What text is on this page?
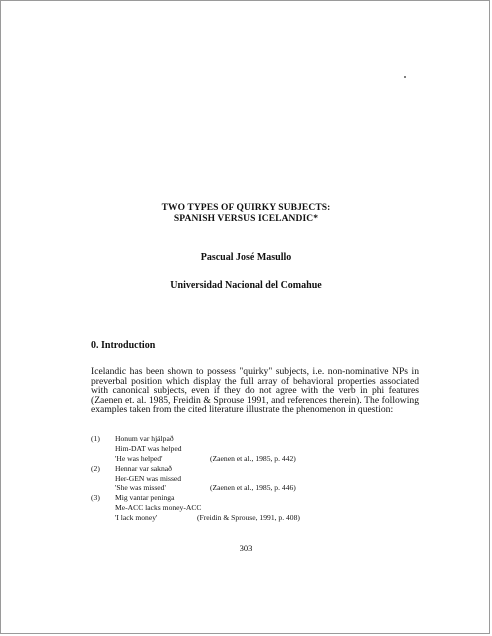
TWO TYPES OF QUIRKY SUBJECTS:
SPANISH VERSUS ICELANDIC*
Pascual José Masullo
Universidad Nacional del Comahue
0. Introduction

Icelandic has been shown to possess "quirky" subjects, i.e. non-nominative NPs in preverbal position which display the full array of behavioral properties associated with canonical subjects, even if they do not agree with the verb in phi features (Zaenen et. al. 1985, Freidin & Sprouse 1991, and references therein). The following examples taken from the cited literature illustrate the phenomenon in question:

(1) Honum var hjálpað
Him-DAT was helped
'He was helped'	(Zaenen et al., 1985, p. 442)
(2) Hennar var saknað
Her-GEN was missed
'She was missed'	(Zaenen et al., 1985, p. 446)
(3) Mig vantar peninga
Me-ACC lacks money-ACC
'I lack money'	(Freidin & Sprouse, 1991, p. 408)
303
